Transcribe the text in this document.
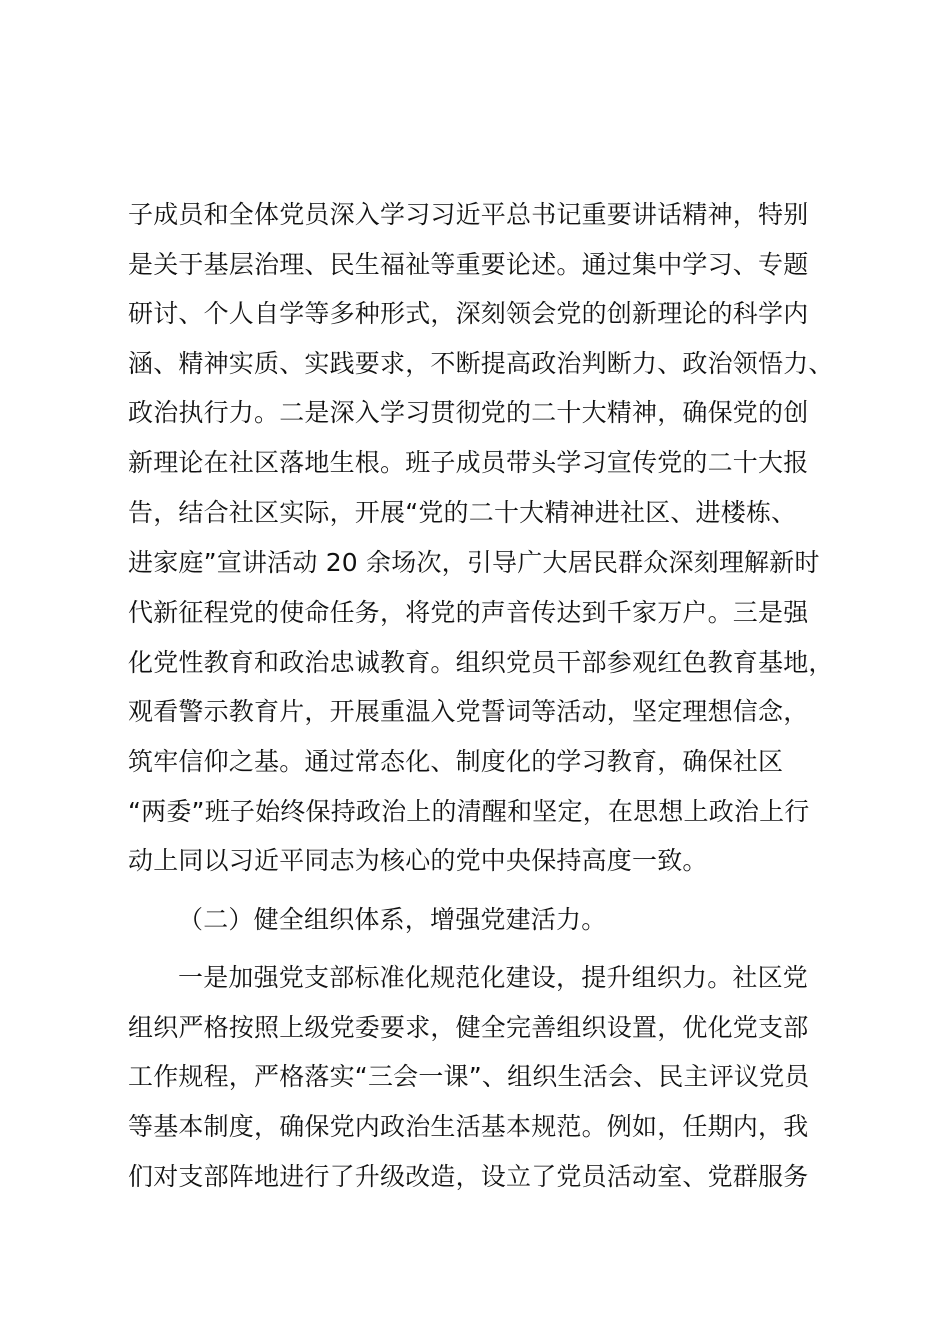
子成员和全体党员深入学习习近平总书记重要讲话精神，特别
是关于基层治理、民生福祉等重要论述。通过集中学习、专题
研讨、个人自学等多种形式，深刻领会党的创新理论的科学内
涵、精神实质、实践要求，不断提高政治判断力、政治领悟力、
政治执行力。二是深入学习贯彻党的二十大精神，确保党的创
新理论在社区落地生根。班子成员带头学习宣传党的二十大报
告，结合社区实际，开展“党的二十大精神进社区、进楼栋、
进家庭”宣讲活动 20 余场次，引导广大居民群众深刻理解新时
代新征程党的使命任务，将党的声音传达到千家万户。三是强
化党性教育和政治忠诚教育。组织党员干部参观红色教育基地，
观看警示教育片，开展重温入党誓词等活动，坚定理想信念，
筑牢信仰之基。通过常态化、制度化的学习教育，确保社区
“两委”班子始终保持政治上的清醒和坚定，在思想上政治上行
动上同以习近平同志为核心的党中央保持高度一致。
（二）健全组织体系，增强党建活力。
一是加强党支部标准化规范化建设，提升组织力。社区党
组织严格按照上级党委要求，健全完善组织设置，优化党支部
工作规程，严格落实“三会一课”、组织生活会、民主评议党员
等基本制度，确保党内政治生活基本规范。例如，任期内，我
们对支部阵地进行了升级改造，设立了党员活动室、党群服务
